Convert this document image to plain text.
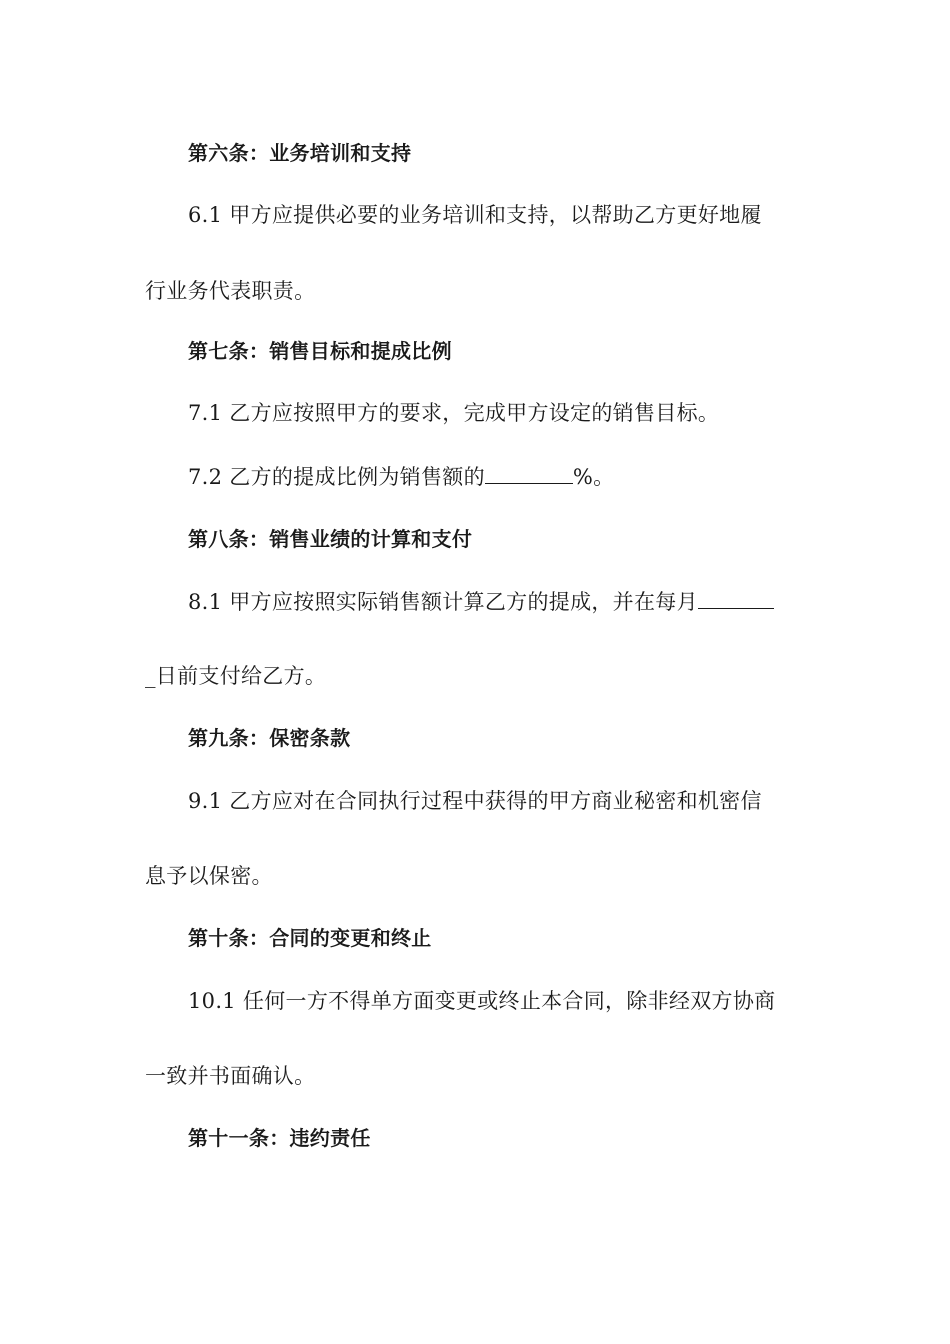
第六条：业务培训和支持
6.1 甲方应提供必要的业务培训和支持，以帮助乙方更好地履
行业务代表职责。
第七条：销售目标和提成比例
7.1 乙方应按照甲方的要求，完成甲方设定的销售目标。
7.2 乙方的提成比例为销售额的	%。
第八条：销售业绩的计算和支付
8.1 甲方应按照实际销售额计算乙方的提成，并在每月
_日前支付给乙方。
第九条：保密条款
9.1 乙方应对在合同执行过程中获得的甲方商业秘密和机密信
息予以保密。
第十条：合同的变更和终止
10.1 任何一方不得单方面变更或终止本合同，除非经双方协商
一致并书面确认。
第十一条：违约责任
